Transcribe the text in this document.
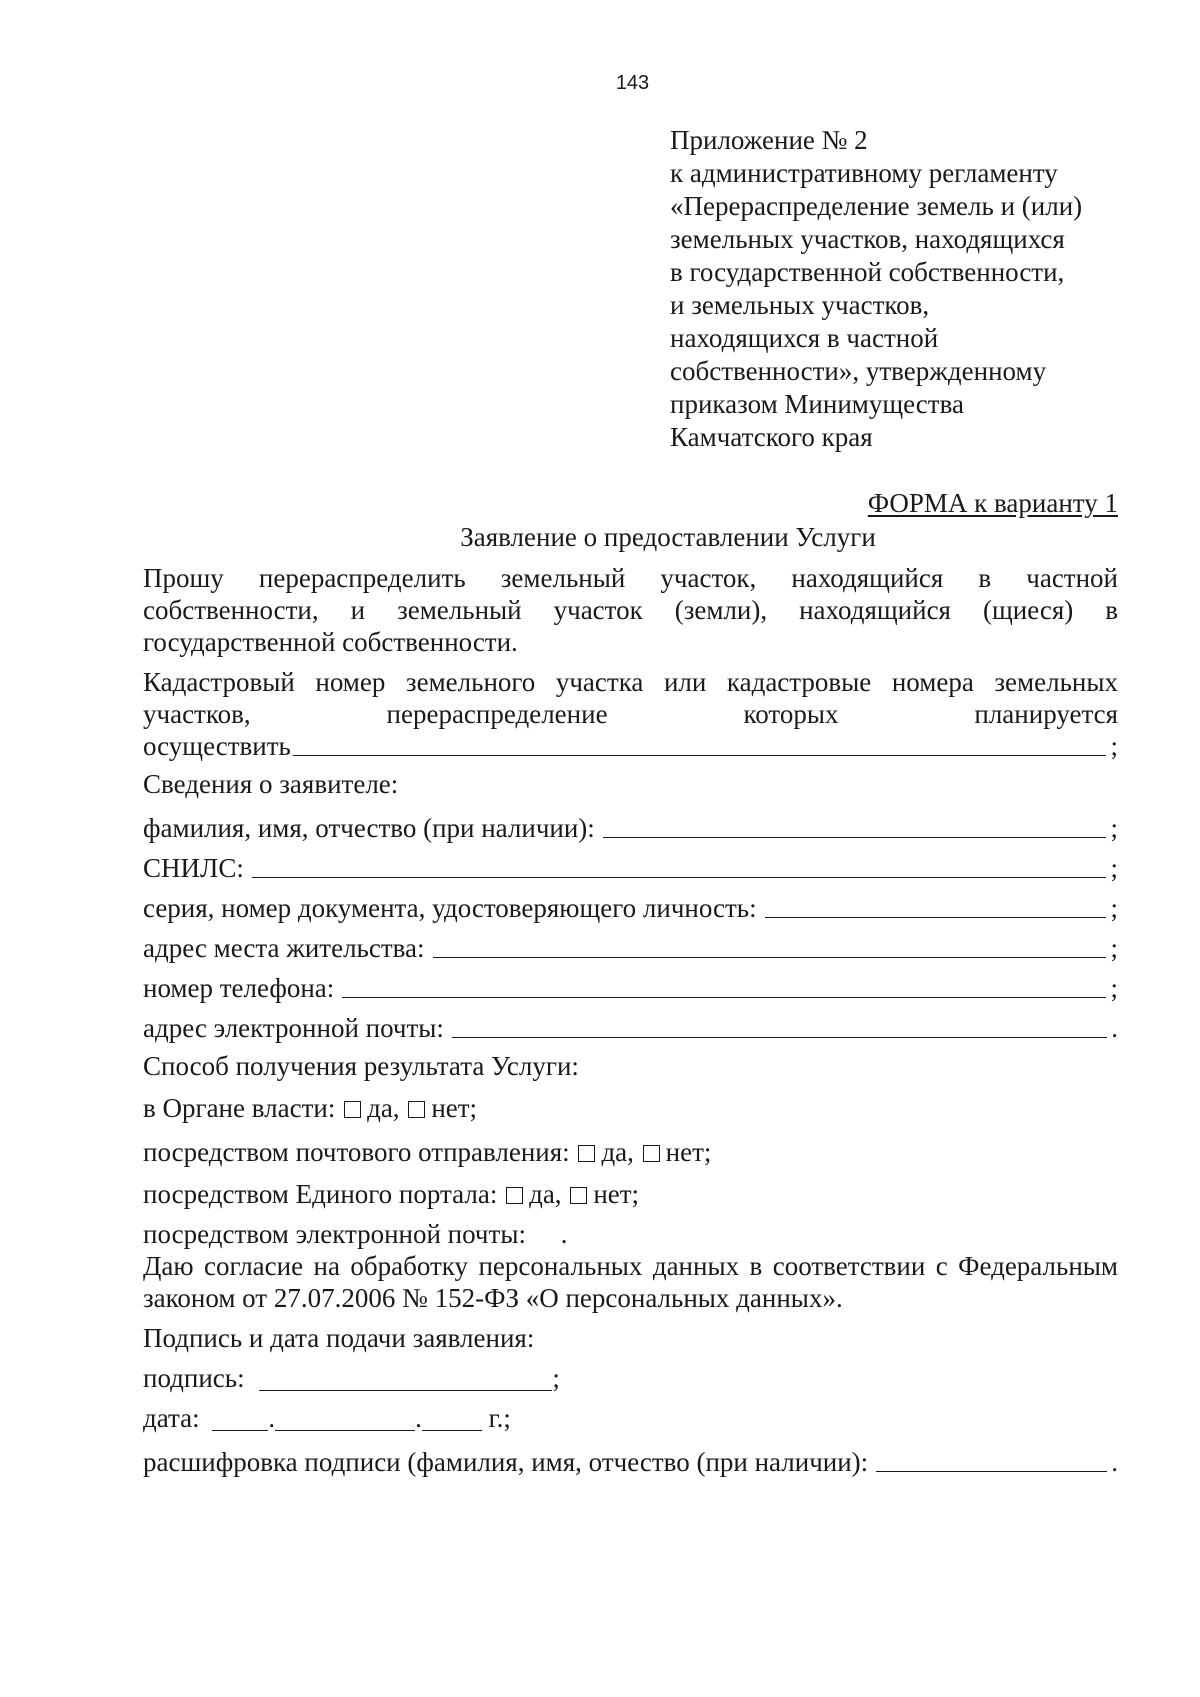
143
Приложение № 2
к административному регламенту
«Перераспределение земель и (или)
земельных участков, находящихся
в государственной собственности,
и земельных участков,
находящихся в частной
собственности», утвержденному
приказом Минимущества
Камчатского края
ФОРМА к варианту 1
Заявление о предоставлении Услуги
Прошу перераспределить земельный участок, находящийся в частной
собственности, и земельный участок (земли), находящийся (щиеся) в
государственной собственности.
Кадастровый номер земельного участка или кадастровые номера земельных
участков, перераспределение которых планируется
осуществить	;
Сведения о заявителе:
фамилия, имя, отчество (при наличии):	;
СНИЛС:	;
серия, номер документа, удостоверяющего личность:	;
адрес места жительства:	;
номер телефона:	;
адрес электронной почты:	.
Способ получения результата Услуги:
в Органе власти: да, нет;
посредством почтового отправления: да, нет;
посредством Единого портала: да, нет;
посредством электронной почты: .
Даю согласие на обработку персональных данных в соответствии с Федеральным
законом от 27.07.2006 № 152-ФЗ «О персональных данных».
Подпись и дата подачи заявления:
подпись:	;
дата:	.	. г.;
расшифровка подписи (фамилия, имя, отчество (при наличии):	.
